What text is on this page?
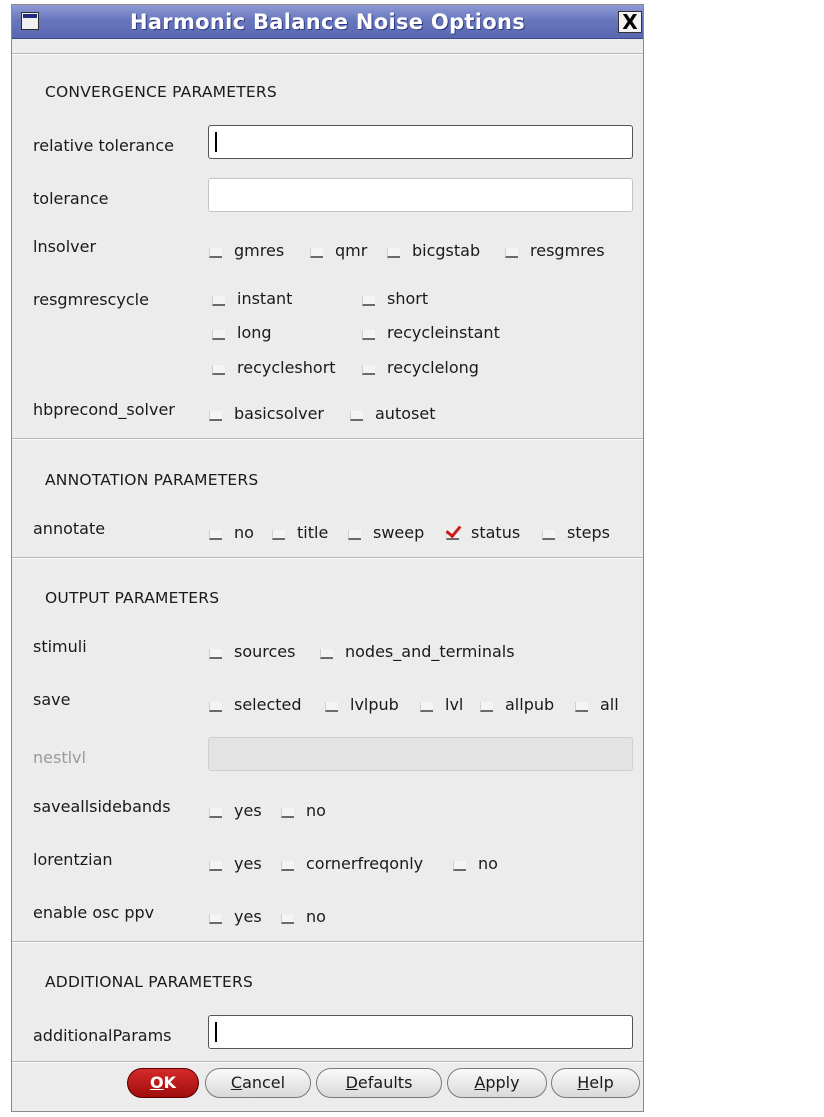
Harmonic Balance Noise Options	X
CONVERGENCE PARAMETERS
relative tolerance
tolerance
lnsolver	gmres	qmr	bicgstab	resgmres
resgmrescycle	instant	short
long	recycleinstant
recycleshort	recyclelong
hbprecond_solver	basicsolver	autoset
ANNOTATION PARAMETERS
annotate	no	title	sweep	status	steps
OUTPUT PARAMETERS
stimuli	sources	nodes_and_terminals
save	selected	lvlpub	lvl	allpub	all
nestlvl
saveallsidebands	yes	no
lorentzian	yes	cornerfreqonly	no
enable osc ppv	yes	no
ADDITIONAL PARAMETERS
additionalParams
OK	Cancel	Defaults	Apply	Help
